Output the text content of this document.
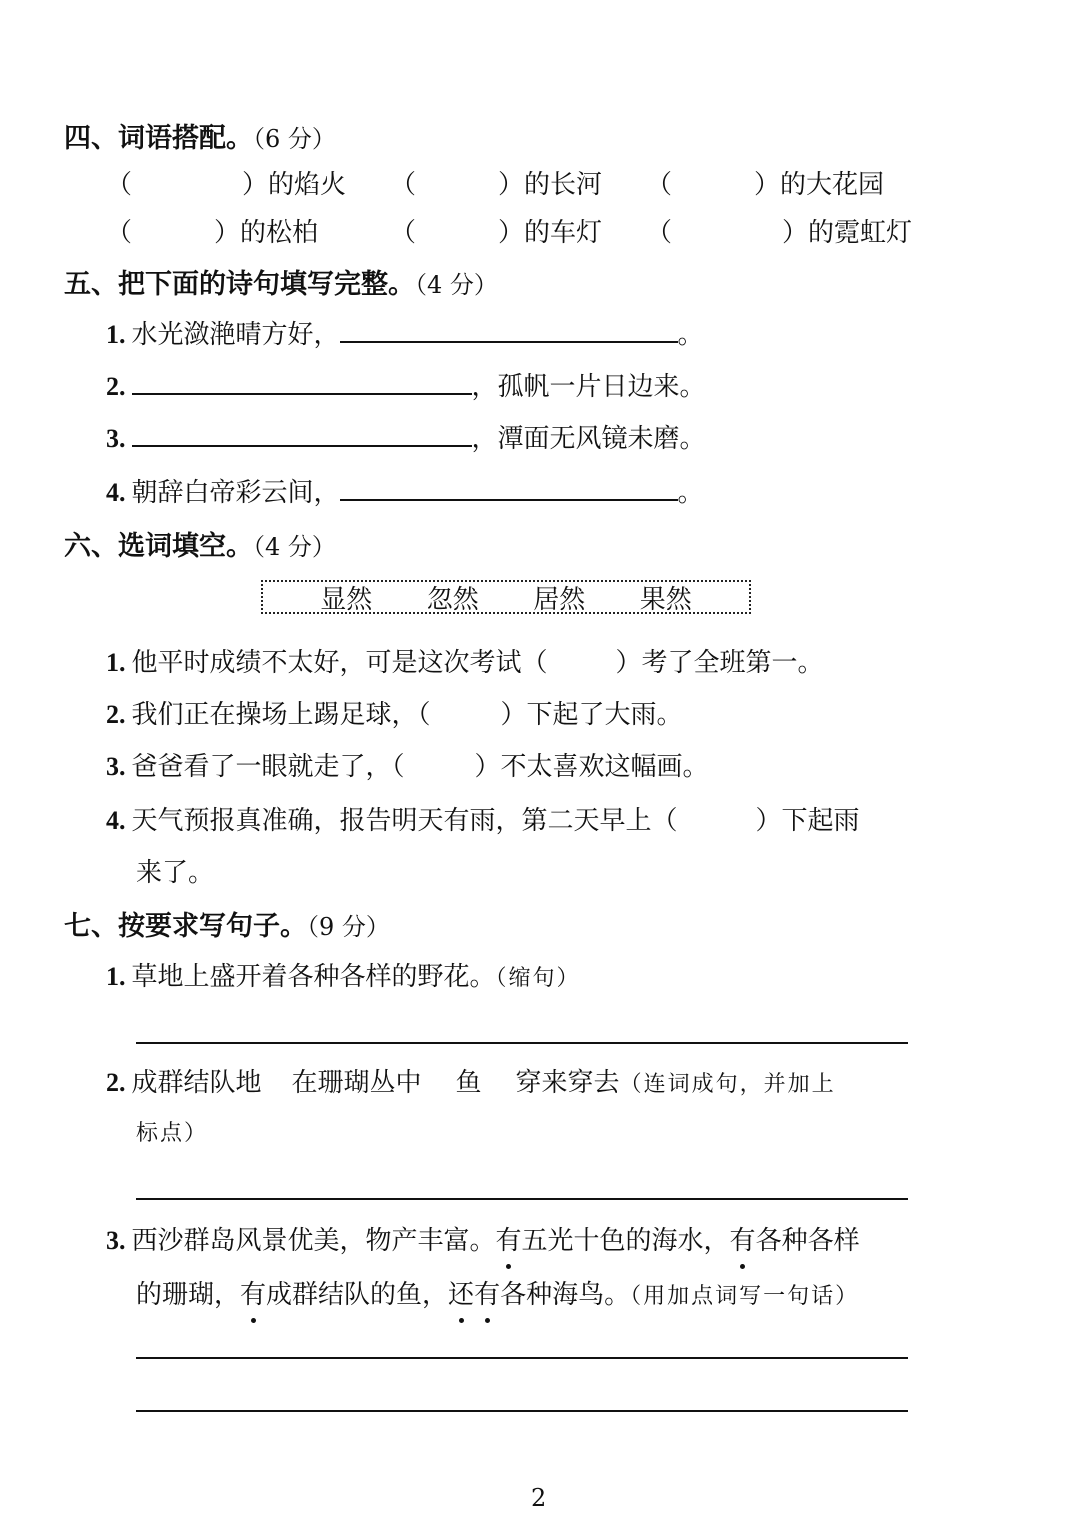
四、词语搭配。（6 分）
（	）的焰火 （	）的长河 （	）的大花园
（	）的松柏	（	）的车灯 （	）的霓虹灯
五、把下面的诗句填写完整。（4 分）
1. 水光潋滟晴方好，	。
2.	，孤帆一片日边来。
3.	，潭面无风镜未磨。
4. 朝辞白帝彩云间，	。
六、选词填空。（4 分）
显然 忽然 居然 果然
1. 他平时成绩不太好，可是这次考试（	）考了全班第一。
2. 我们正在操场上踢足球，（	）下起了大雨。
3. 爸爸看了一眼就走了，（	）不太喜欢这幅画。
4. 天气预报真准确，报告明天有雨，第二天早上（	）下起雨
来了。
七、按要求写句子。（9 分）
1. 草地上盛开着各种各样的野花。（缩句）
2. 成群结队地 在珊瑚丛中 鱼 穿来穿去（连词成句，并加上
标点）
3. 西沙群岛风景优美，物产丰富。有五光十色的海水，有各种各样
的珊瑚，有成群结队的鱼，还有各种海鸟。（用加点词写一句话）
2
